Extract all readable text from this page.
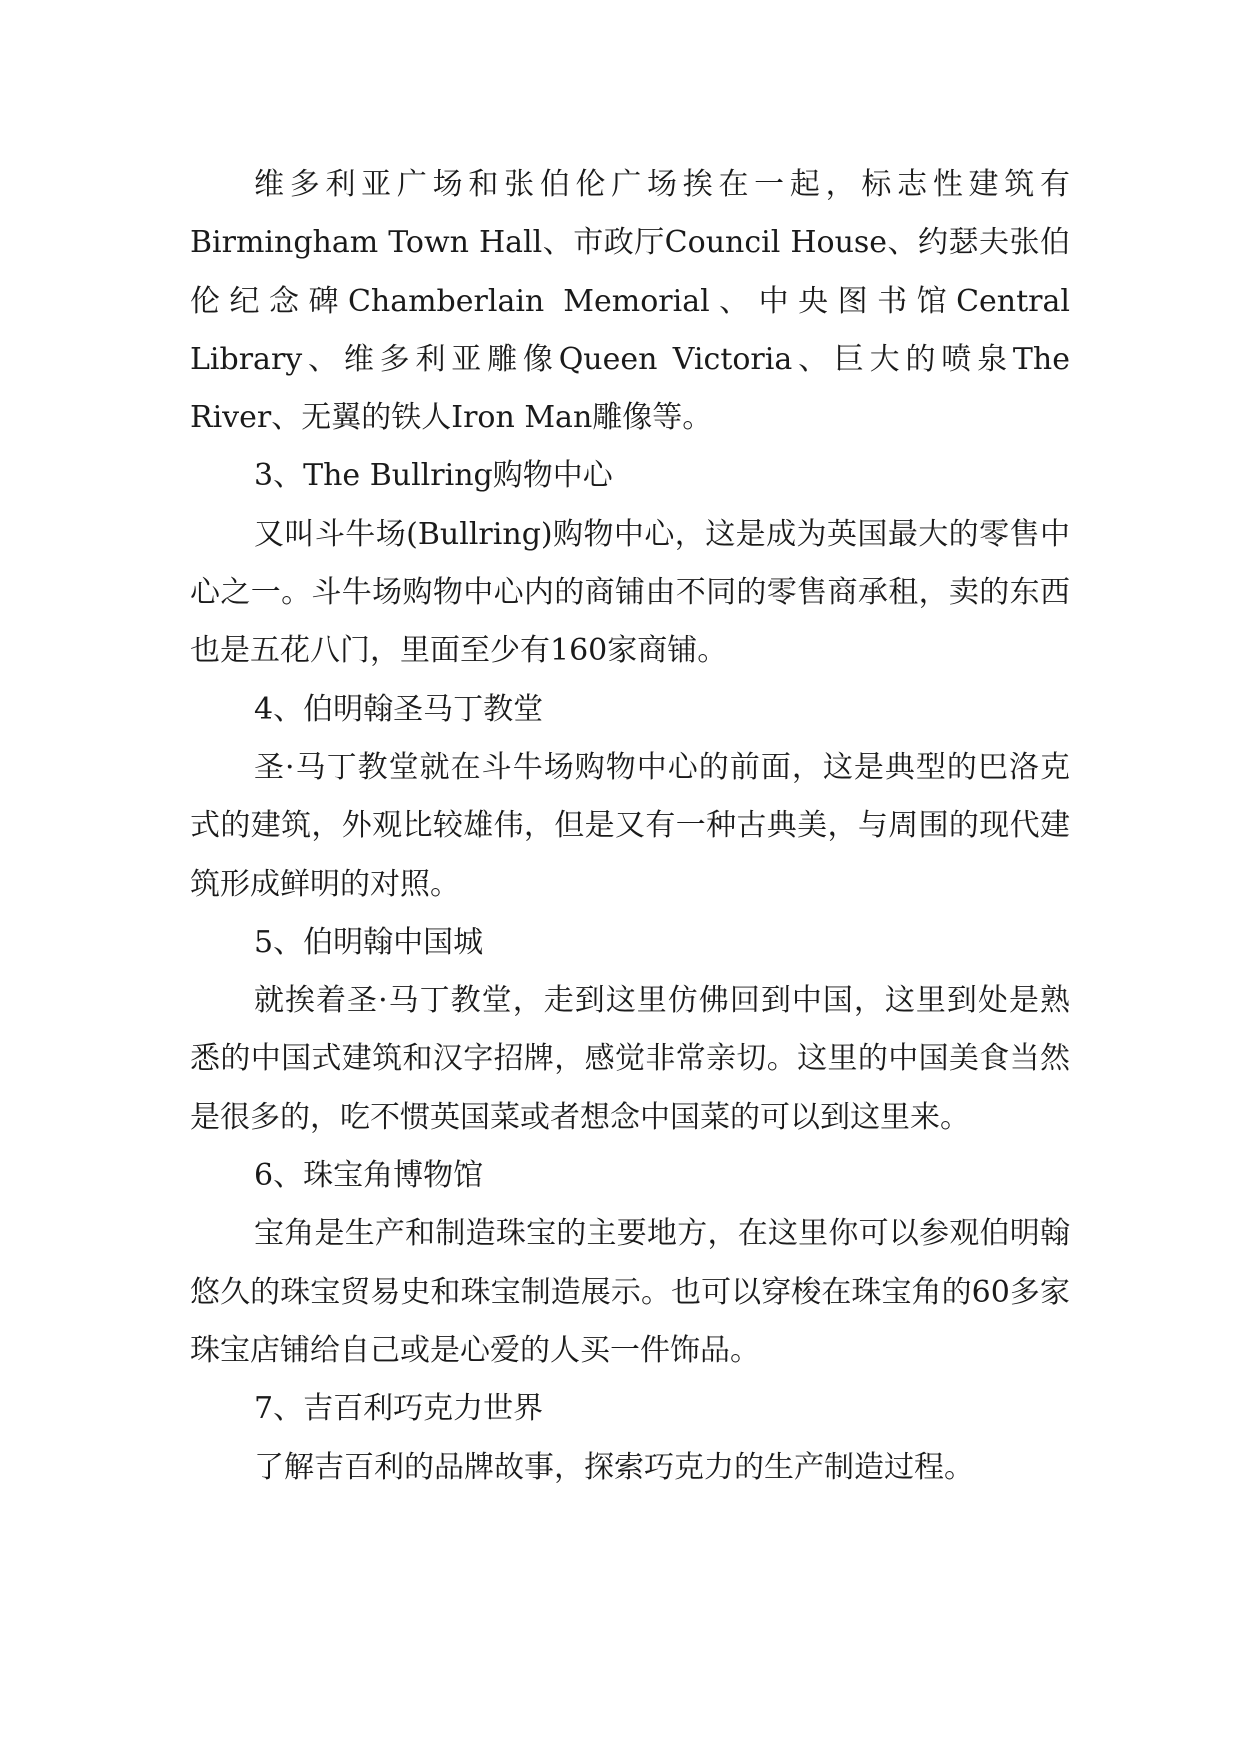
维多利亚广场和张伯伦广场挨在一起，标志性建筑有Birmingham Town Hall、市政厅Council House、约瑟夫张伯伦纪念碑Chamberlain Memorial、中央图书馆Central Library、维多利亚雕像Queen Victoria、巨大的喷泉The River、无翼的铁人Iron Man雕像等。

3、The Bullring购物中心

又叫斗牛场(Bullring)购物中心，这是成为英国最大的零售中心之一。斗牛场购物中心内的商铺由不同的零售商承租，卖的东西也是五花八门，里面至少有160家商铺。

4、伯明翰圣马丁教堂

圣·马丁教堂就在斗牛场购物中心的前面，这是典型的巴洛克式的建筑，外观比较雄伟，但是又有一种古典美，与周围的现代建筑形成鲜明的对照。

5、伯明翰中国城

就挨着圣·马丁教堂，走到这里仿佛回到中国，这里到处是熟悉的中国式建筑和汉字招牌，感觉非常亲切。这里的中国美食当然是很多的，吃不惯英国菜或者想念中国菜的可以到这里来。

6、珠宝角博物馆

宝角是生产和制造珠宝的主要地方，在这里你可以参观伯明翰悠久的珠宝贸易史和珠宝制造展示。也可以穿梭在珠宝角的60多家珠宝店铺给自己或是心爱的人买一件饰品。

7、吉百利巧克力世界

了解吉百利的品牌故事，探索巧克力的生产制造过程。
